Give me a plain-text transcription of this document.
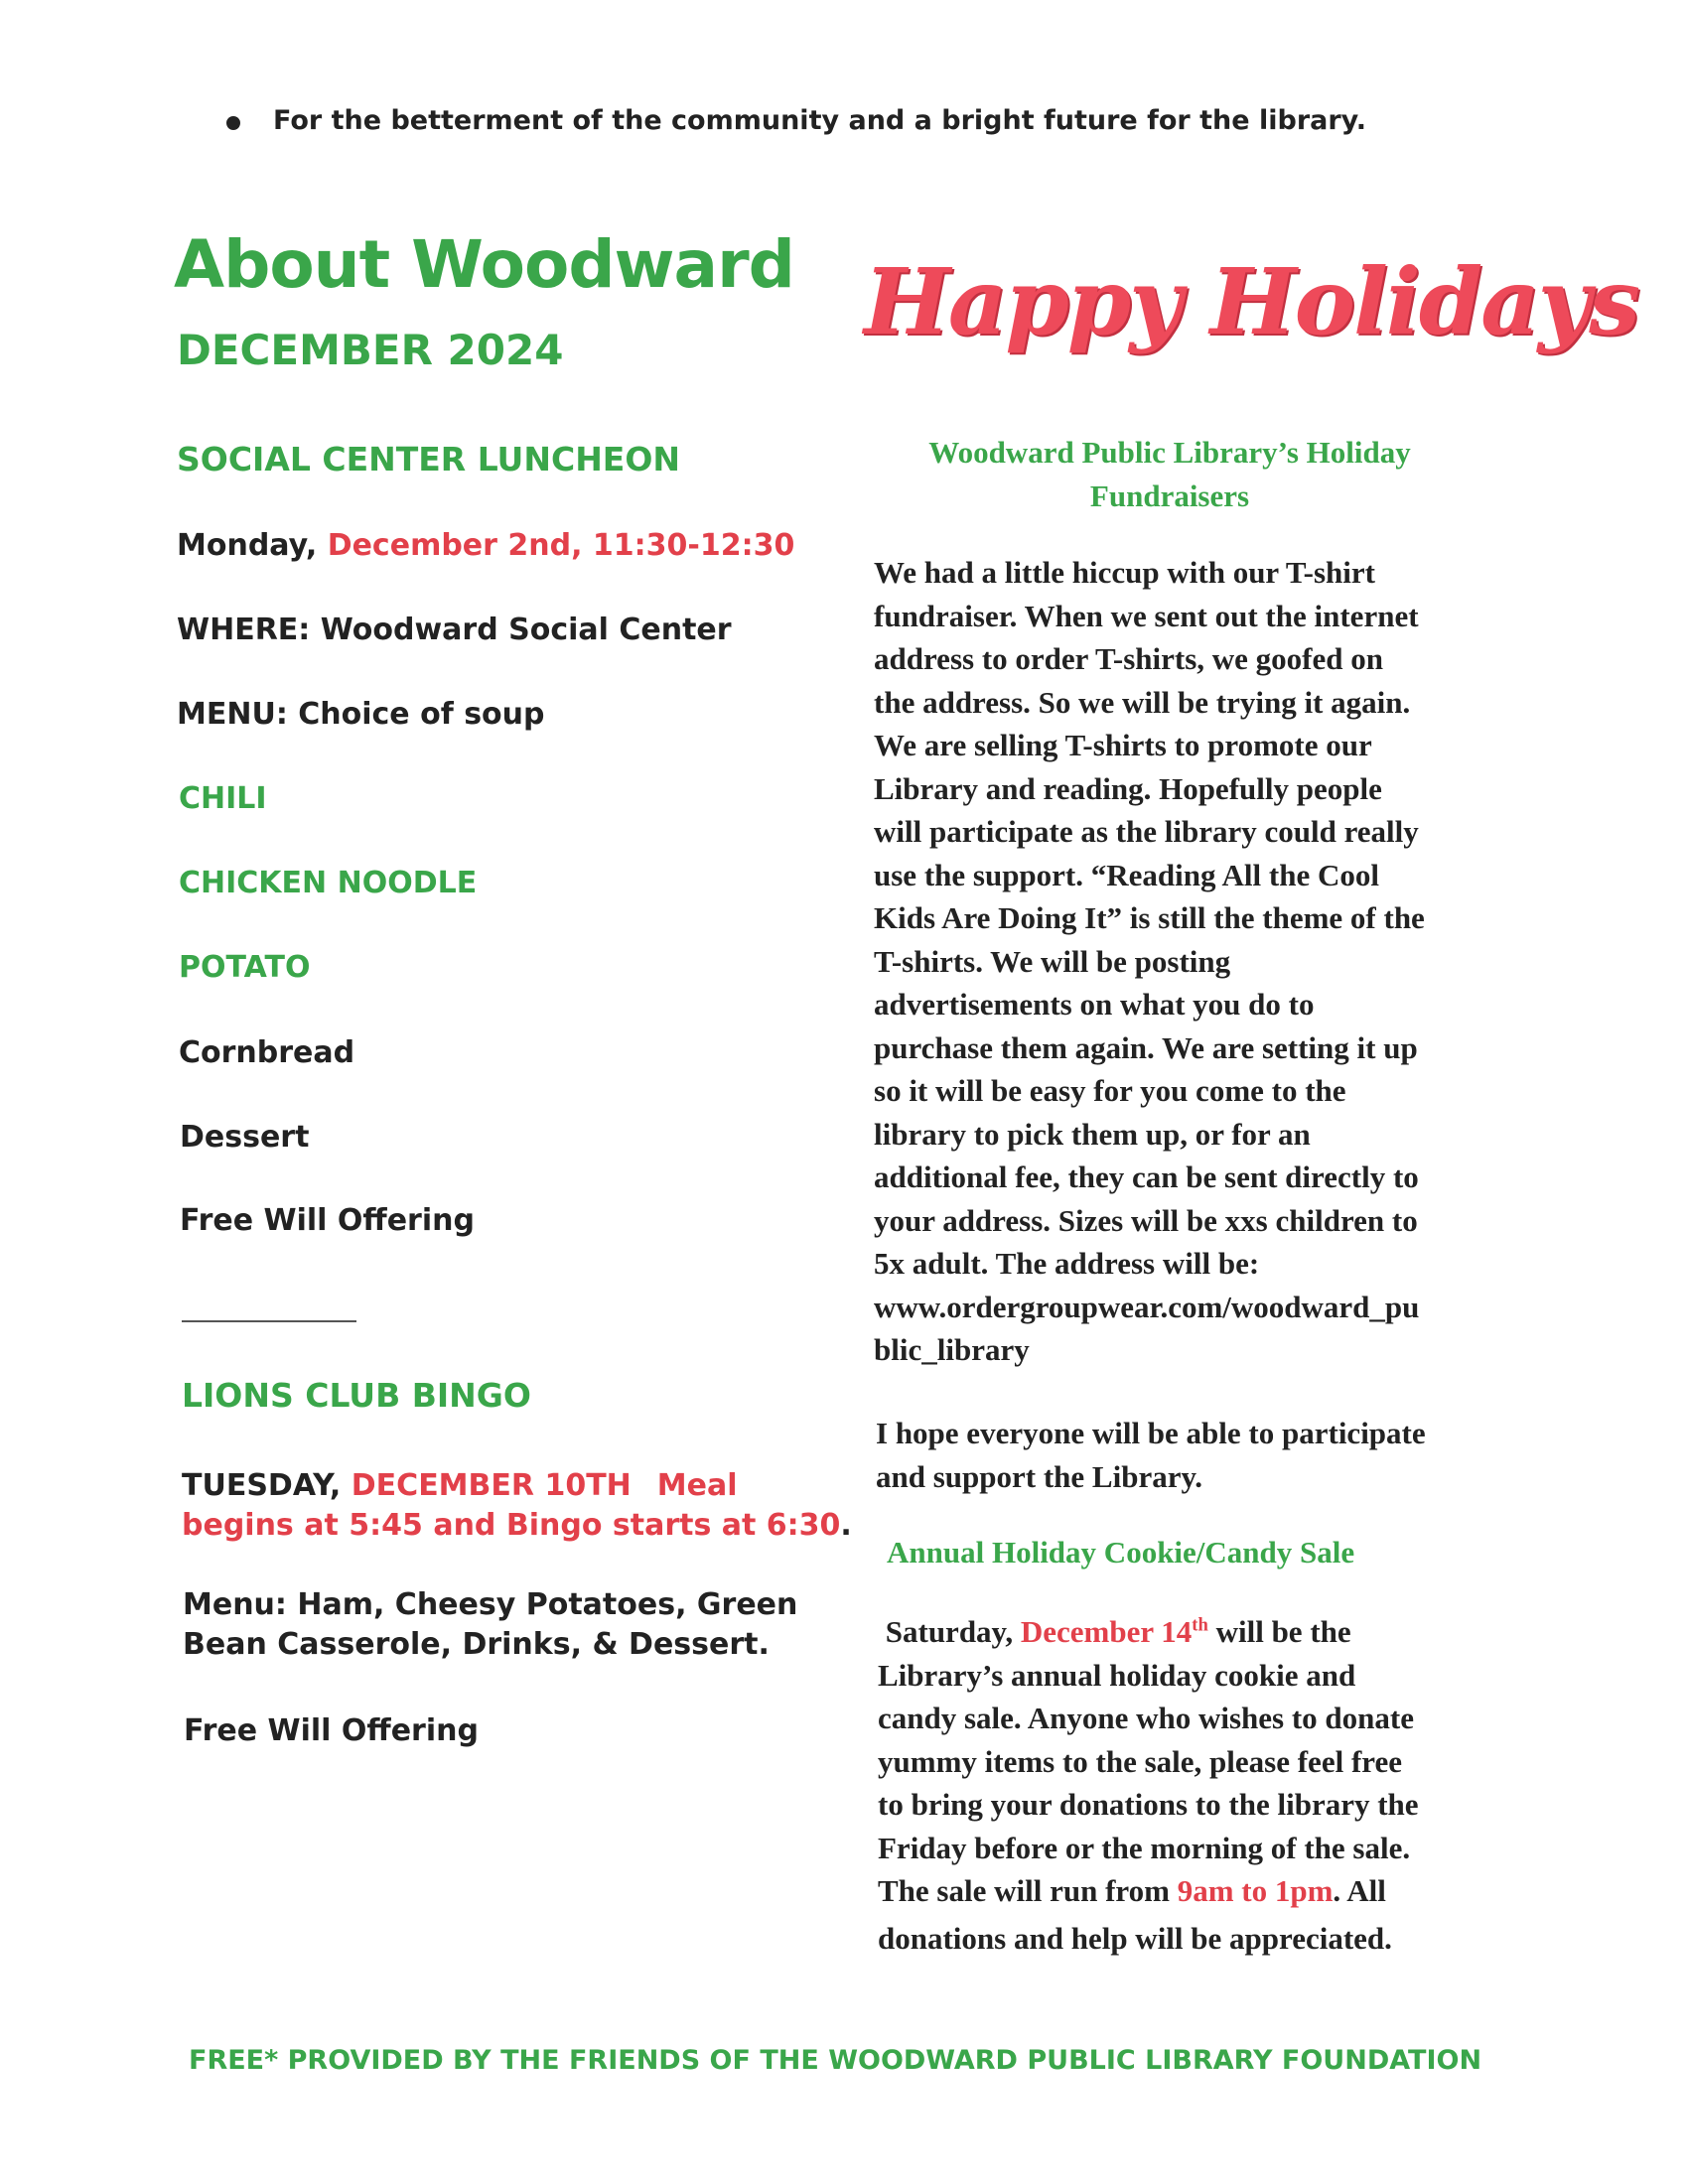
For the betterment of the community and a bright future for the library.
About Woodward
DECEMBER 2024	Happy Holidays
SOCIAL CENTER LUNCHEON
Monday, December 2nd, 11:30-12:30
WHERE: Woodward Social Center
MENU: Choice of soup
CHILI
CHICKEN NOODLE
POTATO
Cornbread
Dessert
Free Will Offering
LIONS CLUB BINGO
TUESDAY, DECEMBER 10TH Meal
begins at 5:45 and Bingo starts at 6:30.
Menu: Ham, Cheesy Potatoes, Green
Bean Casserole, Drinks, & Dessert.
Free Will Offering
Woodward Public Library’s Holiday
Fundraisers
We had a little hiccup with our T-shirt
fundraiser. When we sent out the internet
address to order T-shirts, we goofed on
the address. So we will be trying it again.
We are selling T-shirts to promote our
Library and reading. Hopefully people
will participate as the library could really
use the support. “Reading All the Cool
Kids Are Doing It” is still the theme of the
T-shirts. We will be posting
advertisements on what you do to
purchase them again. We are setting it up
so it will be easy for you come to the
library to pick them up, or for an
additional fee, they can be sent directly to
your address. Sizes will be xxs children to
5x adult. The address will be:
www.ordergroupwear.com/woodward_pu
blic_library
I hope everyone will be able to participate
and support the Library.
Annual Holiday Cookie/Candy Sale
Saturday, December 14th will be the
Library’s annual holiday cookie and
candy sale. Anyone who wishes to donate
yummy items to the sale, please feel free
to bring your donations to the library the
Friday before or the morning of the sale.
The sale will run from 9am to 1pm. All
donations and help will be appreciated.
FREE* PROVIDED BY THE FRIENDS OF THE WOODWARD PUBLIC LIBRARY FOUNDATION
